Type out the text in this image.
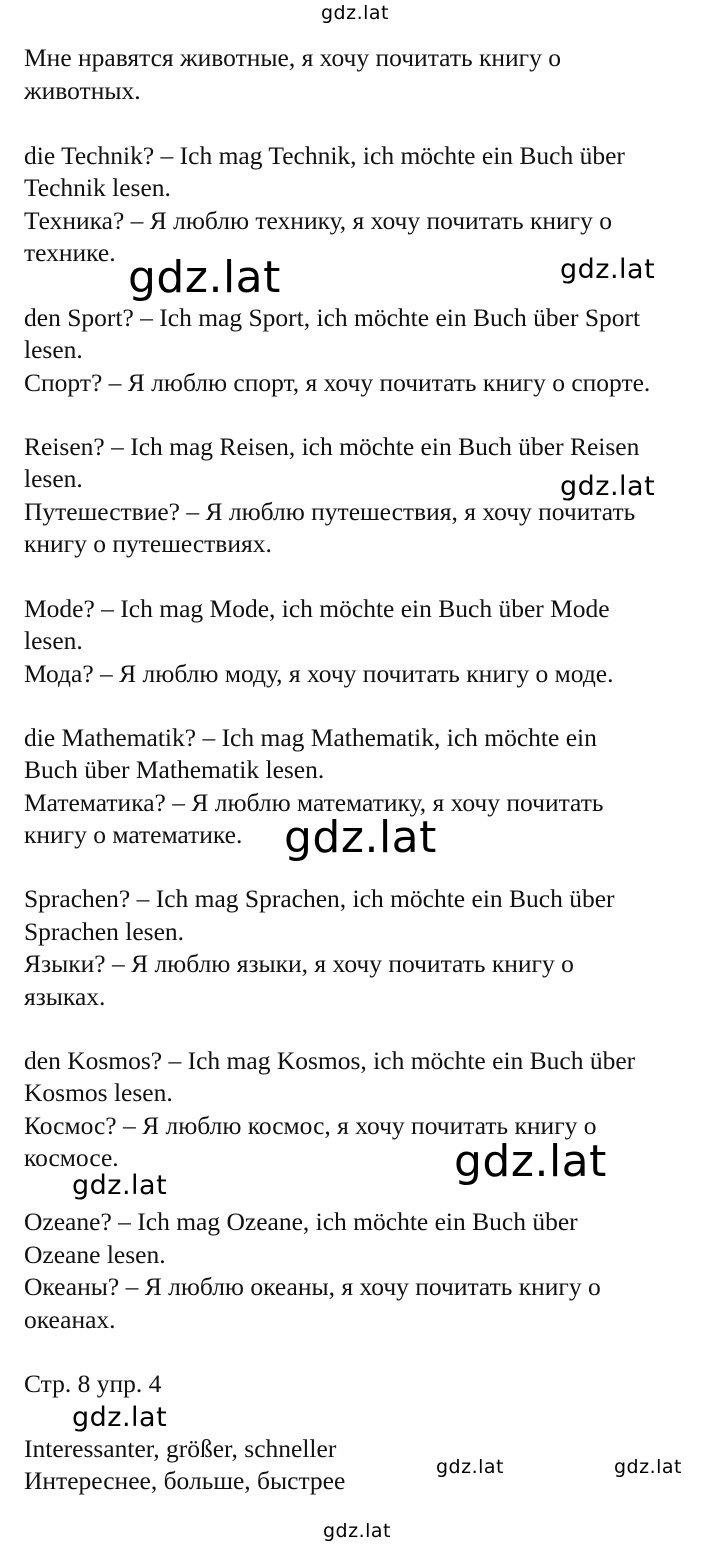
Мне нравятся животные, я хочу почитать книгу о
животных.
die Technik? – Ich mag Technik, ich möchte ein Buch über
Technik lesen.
Техника? – Я люблю технику, я хочу почитать книгу о
технике.
den Sport? – Ich mag Sport, ich möchte ein Buch über Sport
lesen.
Спорт? – Я люблю спорт, я хочу почитать книгу о спорте.
Reisen? – Ich mag Reisen, ich möchte ein Buch über Reisen
lesen.
Путешествие? – Я люблю путешествия, я хочу почитать
книгу о путешествиях.
Mode? – Ich mag Mode, ich möchte ein Buch über Mode
lesen.
Мода? – Я люблю моду, я хочу почитать книгу о моде.
die Mathematik? – Ich mag Mathematik, ich möchte ein
Buch über Mathematik lesen.
Математика? – Я люблю математику, я хочу почитать
книгу о математике.
Sprachen? – Ich mag Sprachen, ich möchte ein Buch über
Sprachen lesen.
Языки? – Я люблю языки, я хочу почитать книгу о
языках.
den Kosmos? – Ich mag Kosmos, ich möchte ein Buch über
Kosmos lesen.
Космос? – Я люблю космос, я хочу почитать книгу о
космосе.
Ozeane? – Ich mag Ozeane, ich möchte ein Buch über
Ozeane lesen.
Океаны? – Я люблю океаны, я хочу почитать книгу о
океанах.
Стр. 8 упр. 4
Interessanter, größer, schneller
Интереснее, больше, быстрее
gdz.lat
gdz.lat	gdz.lat
gdz.lat
gdz.lat
gdz.lat
gdz.lat
gdz.lat
gdz.lat	gdz.lat
gdz.lat
